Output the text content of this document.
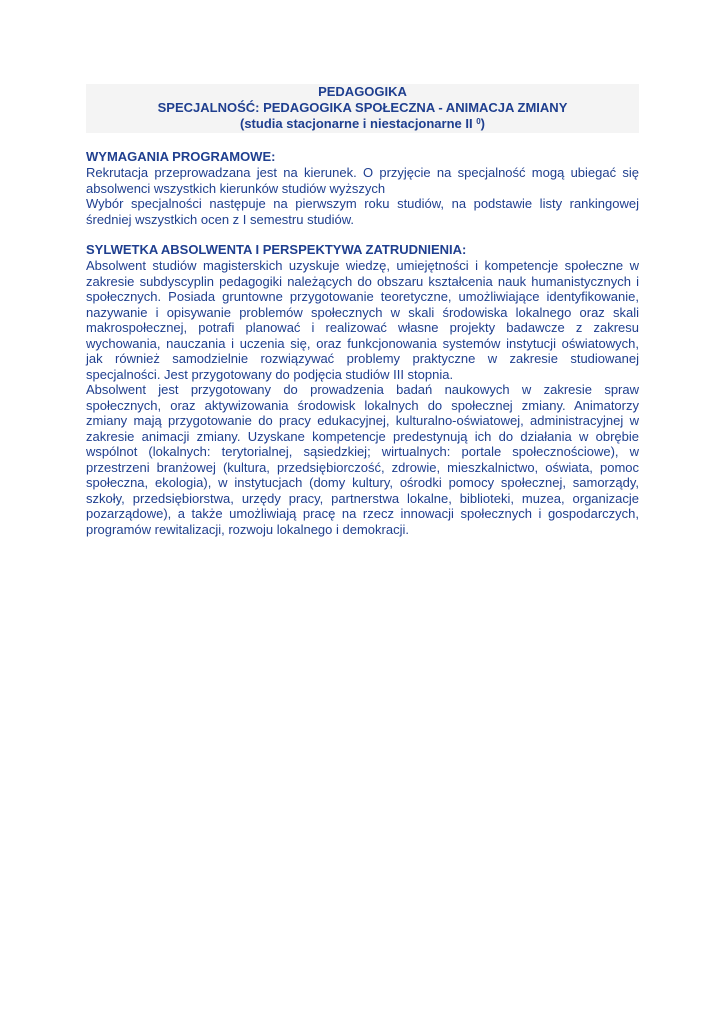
PEDAGOGIKA
SPECJALNOŚĆ: PEDAGOGIKA SPOŁECZNA - ANIMACJA ZMIANY
(studia stacjonarne i niestacjonarne II $^0$)
WYMAGANIA PROGRAMOWE:

Rekrutacja przeprowadzana jest na kierunek. O przyjęcie na specjalność mogą ubiegać się absolwenci wszystkich kierunków studiów wyższych

Wybór specjalności następuje na pierwszym roku studiów, na podstawie listy rankingowej średniej wszystkich ocen z I semestru studiów.

SYLWETKA ABSOLWENTA I PERSPEKTYWA ZATRUDNIENIA:

Absolwent studiów magisterskich uzyskuje wiedzę, umiejętności i kompetencje społeczne w zakresie subdyscyplin pedagogiki należących do obszaru kształcenia nauk humanistycznych i społecznych. Posiada gruntowne przygotowanie teoretyczne, umożliwiające identyfikowanie, nazywanie i opisywanie problemów społecznych w skali środowiska lokalnego oraz skali makrospołecznej, potrafi planować i realizować własne projekty badawcze z zakresu wychowania, nauczania i uczenia się, oraz funkcjonowania systemów instytucji oświatowych, jak również samodzielnie rozwiązywać problemy praktyczne w zakresie studiowanej specjalności. Jest przygotowany do podjęcia studiów III stopnia.

Absolwent jest przygotowany do prowadzenia badań naukowych w zakresie spraw społecznych, oraz aktywizowania środowisk lokalnych do społecznej zmiany. Animatorzy zmiany mają przygotowanie do pracy edukacyjnej, kulturalno-oświatowej, administracyjnej w zakresie animacji zmiany. Uzyskane kompetencje predestynują ich do działania w obrębie wspólnot (lokalnych: terytorialnej, sąsiedzkiej; wirtualnych: portale społecznościowe), w przestrzeni branżowej (kultura, przedsiębiorczość, zdrowie, mieszkalnictwo, oświata, pomoc społeczna, ekologia), w instytucjach (domy kultury, ośrodki pomocy społecznej, samorządy, szkoły, przedsiębiorstwa, urzędy pracy, partnerstwa lokalne, biblioteki, muzea, organizacje pozarządowe), a także umożliwiają pracę na rzecz innowacji społecznych i gospodarczych, programów rewitalizacji, rozwoju lokalnego i demokracji.
